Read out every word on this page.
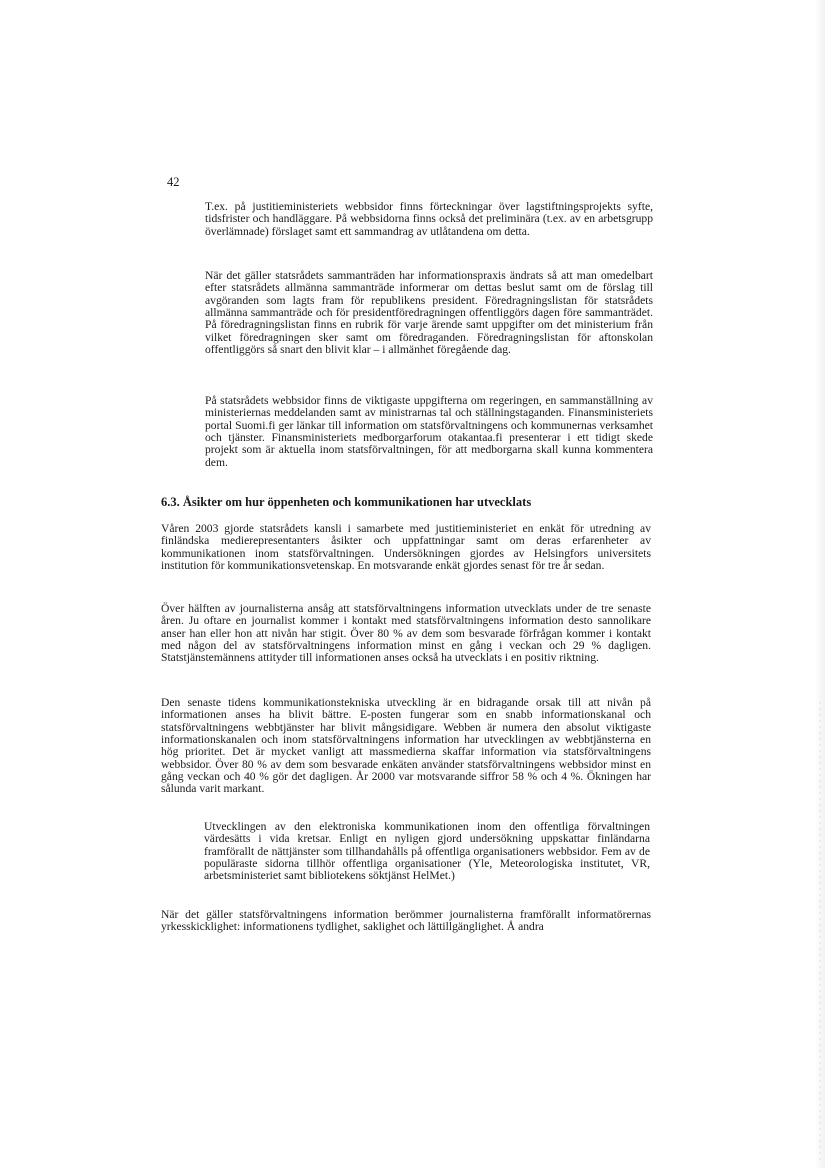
42

T.ex. på justitieministeriets webbsidor finns förteckningar över lagstiftningsprojekts syfte, tidsfrister och handläggare. På webbsidorna finns också det preliminära (t.ex. av en arbetsgrupp överlämnade) förslaget samt ett sammandrag av utlåtandena om detta.

När det gäller statsrådets sammanträden har informationspraxis ändrats så att man omedelbart efter statsrådets allmänna sammanträde informerar om dettas beslut samt om de förslag till avgöranden som lagts fram för republikens president. Föredragningslistan för statsrådets allmänna sammanträde och för presidentföredragningen offentliggörs dagen före sammanträdet. På föredragningslistan finns en rubrik för varje ärende samt uppgifter om det ministerium från vilket föredragningen sker samt om föredraganden. Föredragningslistan för aftonskolan offentliggörs så snart den blivit klar – i allmänhet föregående dag.

På statsrådets webbsidor finns de viktigaste uppgifterna om regeringen, en sammanställning av ministeriernas meddelanden samt av ministrarnas tal och ställningstaganden. Finansministeriets portal Suomi.fi ger länkar till information om statsförvaltningens och kommunernas verksamhet och tjänster. Finansministeriets medborgarforum otakantaa.fi presenterar i ett tidigt skede projekt som är aktuella inom statsförvaltningen, för att medborgarna skall kunna kommentera dem.

6.3. Åsikter om hur öppenheten och kommunikationen har utvecklats

Våren 2003 gjorde statsrådets kansli i samarbete med justitieministeriet en enkät för utredning av finländska medierepresentanters åsikter och uppfattningar samt om deras erfarenheter av kommunikationen inom statsförvaltningen. Undersökningen gjordes av Helsingfors universitets institution för kommunikationsvetenskap. En motsvarande enkät gjordes senast för tre år sedan.

Över hälften av journalisterna ansåg att statsförvaltningens information utvecklats under de tre senaste åren. Ju oftare en journalist kommer i kontakt med statsförvaltningens information desto sannolikare anser han eller hon att nivån har stigit. Över 80 % av dem som besvarade förfrågan kommer i kontakt med någon del av statsförvaltningens information minst en gång i veckan och 29 % dagligen. Statstjänstemännens attityder till informationen anses också ha utvecklats i en positiv riktning.

Den senaste tidens kommunikationstekniska utveckling är en bidragande orsak till att nivån på informationen anses ha blivit bättre. E-posten fungerar som en snabb informationskanal och statsförvaltningens webbtjänster har blivit mångsidigare. Webben är numera den absolut viktigaste informationskanalen och inom statsförvaltningens information har utvecklingen av webbtjänsterna en hög prioritet. Det är mycket vanligt att massmedierna skaffar information via statsförvaltningens webbsidor. Över 80 % av dem som besvarade enkäten använder statsförvaltningens webbsidor minst en gång veckan och 40 % gör det dagligen. År 2000 var motsvarande siffror 58 % och 4 %. Ökningen har sålunda varit markant.

Utvecklingen av den elektroniska kommunikationen inom den offentliga förvaltningen värdesätts i vida kretsar. Enligt en nyligen gjord undersökning uppskattar finländarna framförallt de nättjänster som tillhandahålls på offentliga organisationers webbsidor. Fem av de populäraste sidorna tillhör offentliga organisationer (Yle, Meteorologiska institutet, VR, arbetsministeriet samt bibliotekens söktjänst HelMet.)

När det gäller statsförvaltningens information berömmer journalisterna framförallt informatörernas yrkesskicklighet: informationens tydlighet, saklighet och lättillgänglighet. Å andra
